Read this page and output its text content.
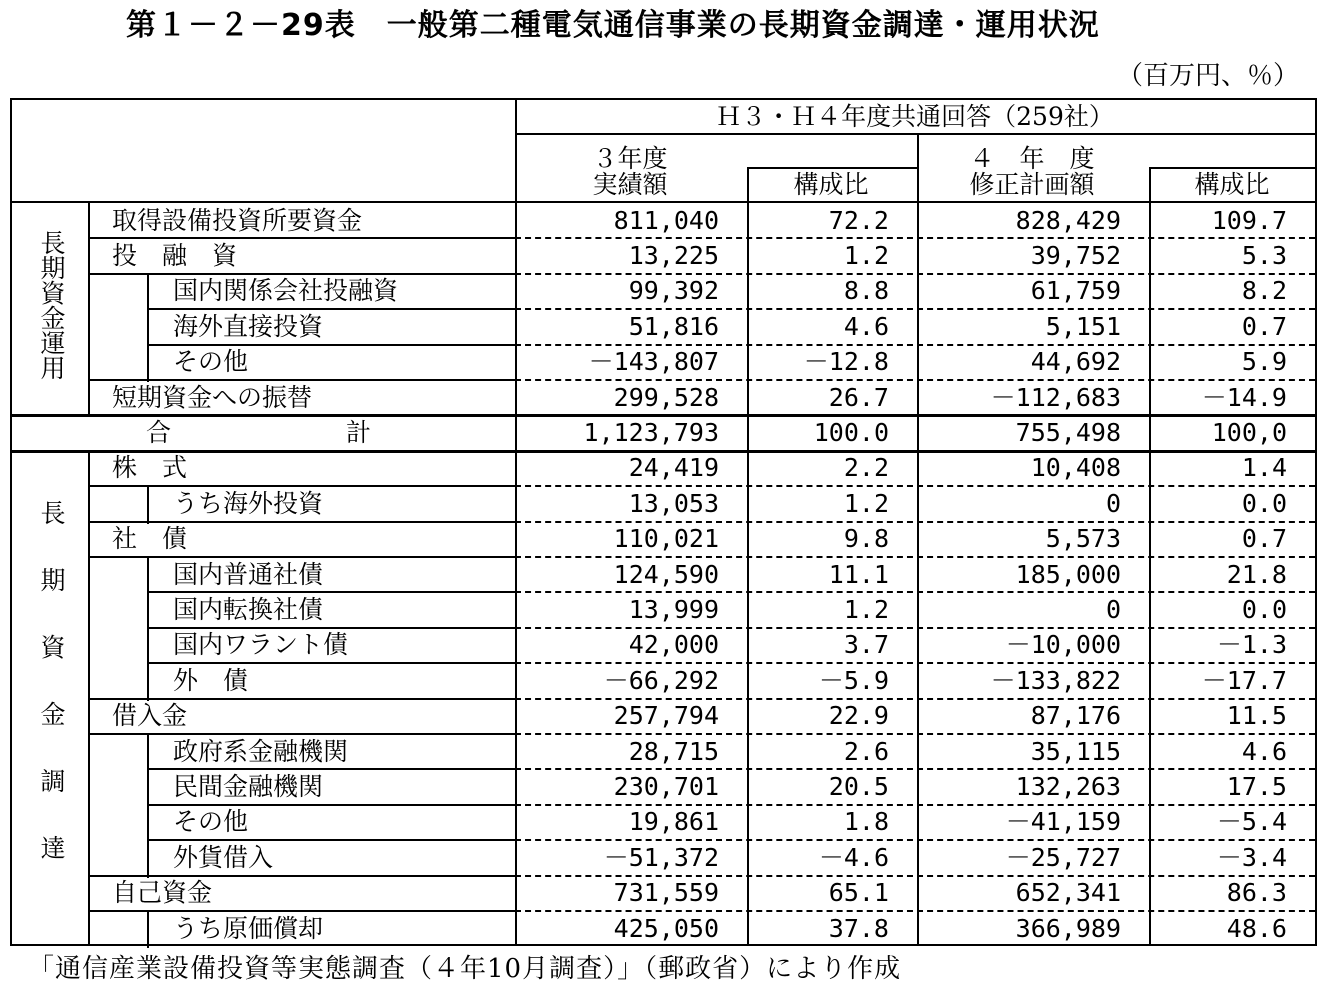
第１－２－29表　一般第二種電気通信事業の長期資金調達・運用状況
（百万円、％）
Ｈ３・Ｈ４年度共通回答（259社）
３年度
実績額	構成比
４　年　度
修正計画額	構成比
長期資金運用
長期資金調達
取得設備投資所要資金	811,040	72.2	828,429	109.7
投　融　資	13,225	1.2	39,752	5.3
国内関係会社投融資	99,392	8.8	61,759	8.2
海外直接投資	51,816	4.6	5,151	0.7
その他	－143,807	－12.8	44,692	5.9
短期資金への振替	299,528	26.7	－112,683	－14.9
合　　　　　　　計	1,123,793	100.0	755,498	100,0
株　式	24,419	2.2	10,408	1.4
うち海外投資	13,053	1.2	0	0.0
社　債	110,021	9.8	5,573	0.7
国内普通社債	124,590	11.1	185,000	21.8
国内転換社債	13,999	1.2	0	0.0
国内ワラント債	42,000	3.7	－10,000	－1.3
外　債	－66,292	－5.9	－133,822	－17.7
借入金	257,794	22.9	87,176	11.5
政府系金融機関	28,715	2.6	35,115	4.6
民間金融機関	230,701	20.5	132,263	17.5
その他	19,861	1.8	－41,159	－5.4
外貨借入	－51,372	－4.6	－25,727	－3.4
自己資金	731,559	65.1	652,341	86.3
うち原価償却	425,050	37.8	366,989	48.6
「通信産業設備投資等実態調査（４年10月調査）」（郵政省）により作成
